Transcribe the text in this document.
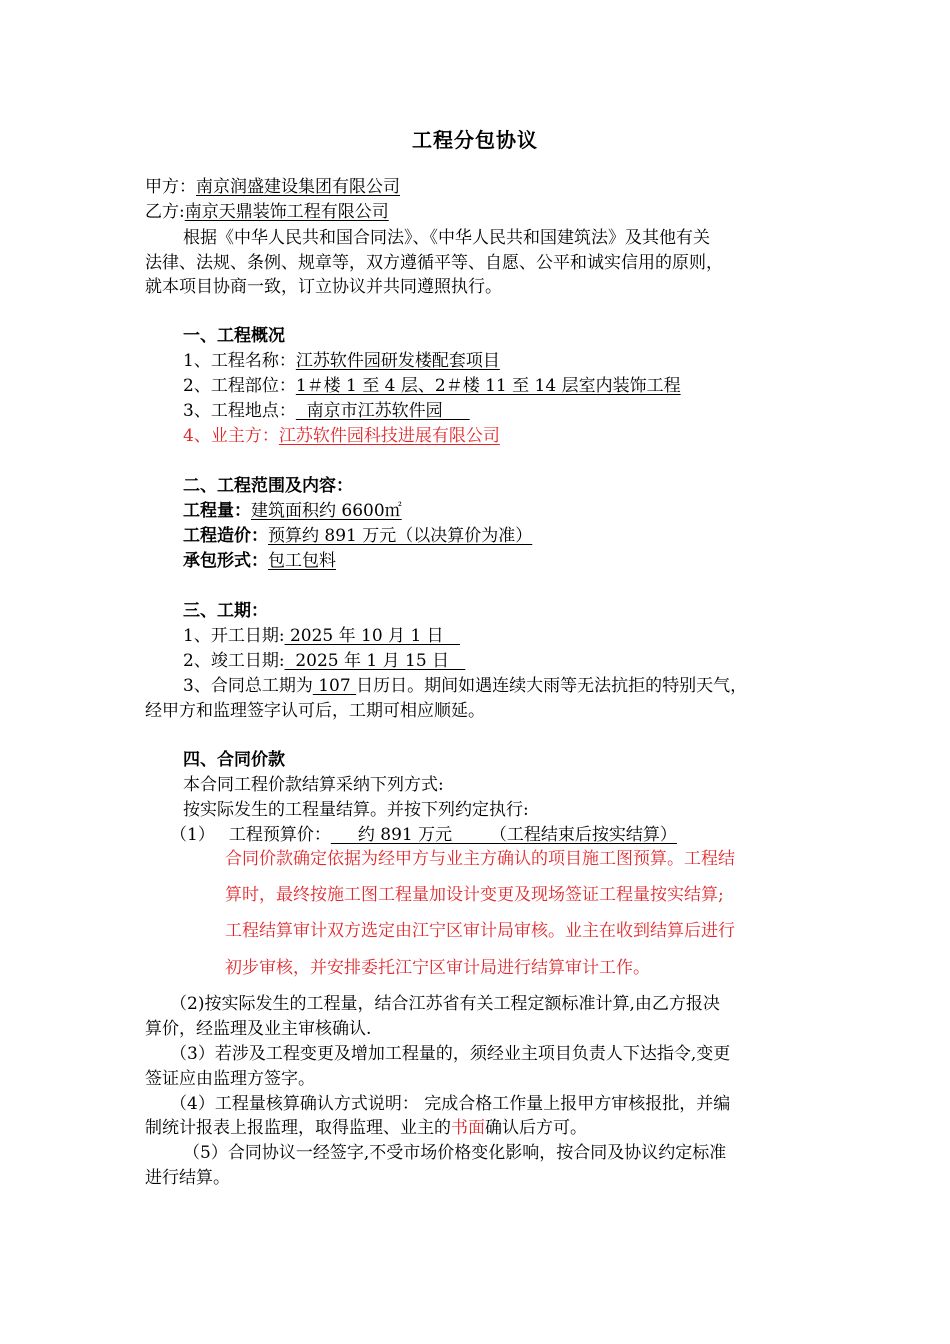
工程分包协议
甲方：南京润盛建设集团有限公司
乙方:南京天鼎装饰工程有限公司
根据《中华人民共和国合同法》、《中华人民共和国建筑法》及其他有关
法律、法规、条例、规章等，双方遵循平等、自愿、公平和诚实信用的原则，
就本项目协商一致，订立协议并共同遵照执行。
一、工程概况
1、工程名称：江苏软件园研发楼配套项目
2、工程部位：1＃楼 1 至 4 层、2＃楼 11 至 14 层室内装饰工程
3、工程地点：  南京市江苏软件园
4、业主方：江苏软件园科技进展有限公司
二、工程范围及内容：
工程量：建筑面积约 6600㎡
工程造价：预算约 891 万元（以决算价为准）
承包形式：包工包料
三、工期：
1、开工日期: 2025 年 10 月 1 日
2、竣工日期:  2025 年 1 月 15 日
3、合同总工期为 107 日历日。期间如遇连续大雨等无法抗拒的特别天气，
经甲方和监理签字认可后，工期可相应顺延。
四、合同价款
本合同工程价款结算采纳下列方式:
按实际发生的工程量结算。并按下列约定执行:
（1） 工程预算价：     约 891 万元       （工程结束后按实结算）
合同价款确定依据为经甲方与业主方确认的项目施工图预算。工程结
算时，最终按施工图工程量加设计变更及现场签证工程量按实结算;
工程结算审计双方选定由江宁区审计局审核。业主在收到结算后进行
初步审核，并安排委托江宁区审计局进行结算审计工作。
（2)按实际发生的工程量，结合江苏省有关工程定额标准计算,由乙方报决
算价，经监理及业主审核确认.
（3）若涉及工程变更及增加工程量的，须经业主项目负责人下达指令,变更
签证应由监理方签字。
（4）工程量核算确认方式说明： 完成合格工作量上报甲方审核报批，并编
制统计报表上报监理，取得监理、业主的书面确认后方可。
（5）合同协议一经签字,不受市场价格变化影响，按合同及协议约定标准
进行结算。
